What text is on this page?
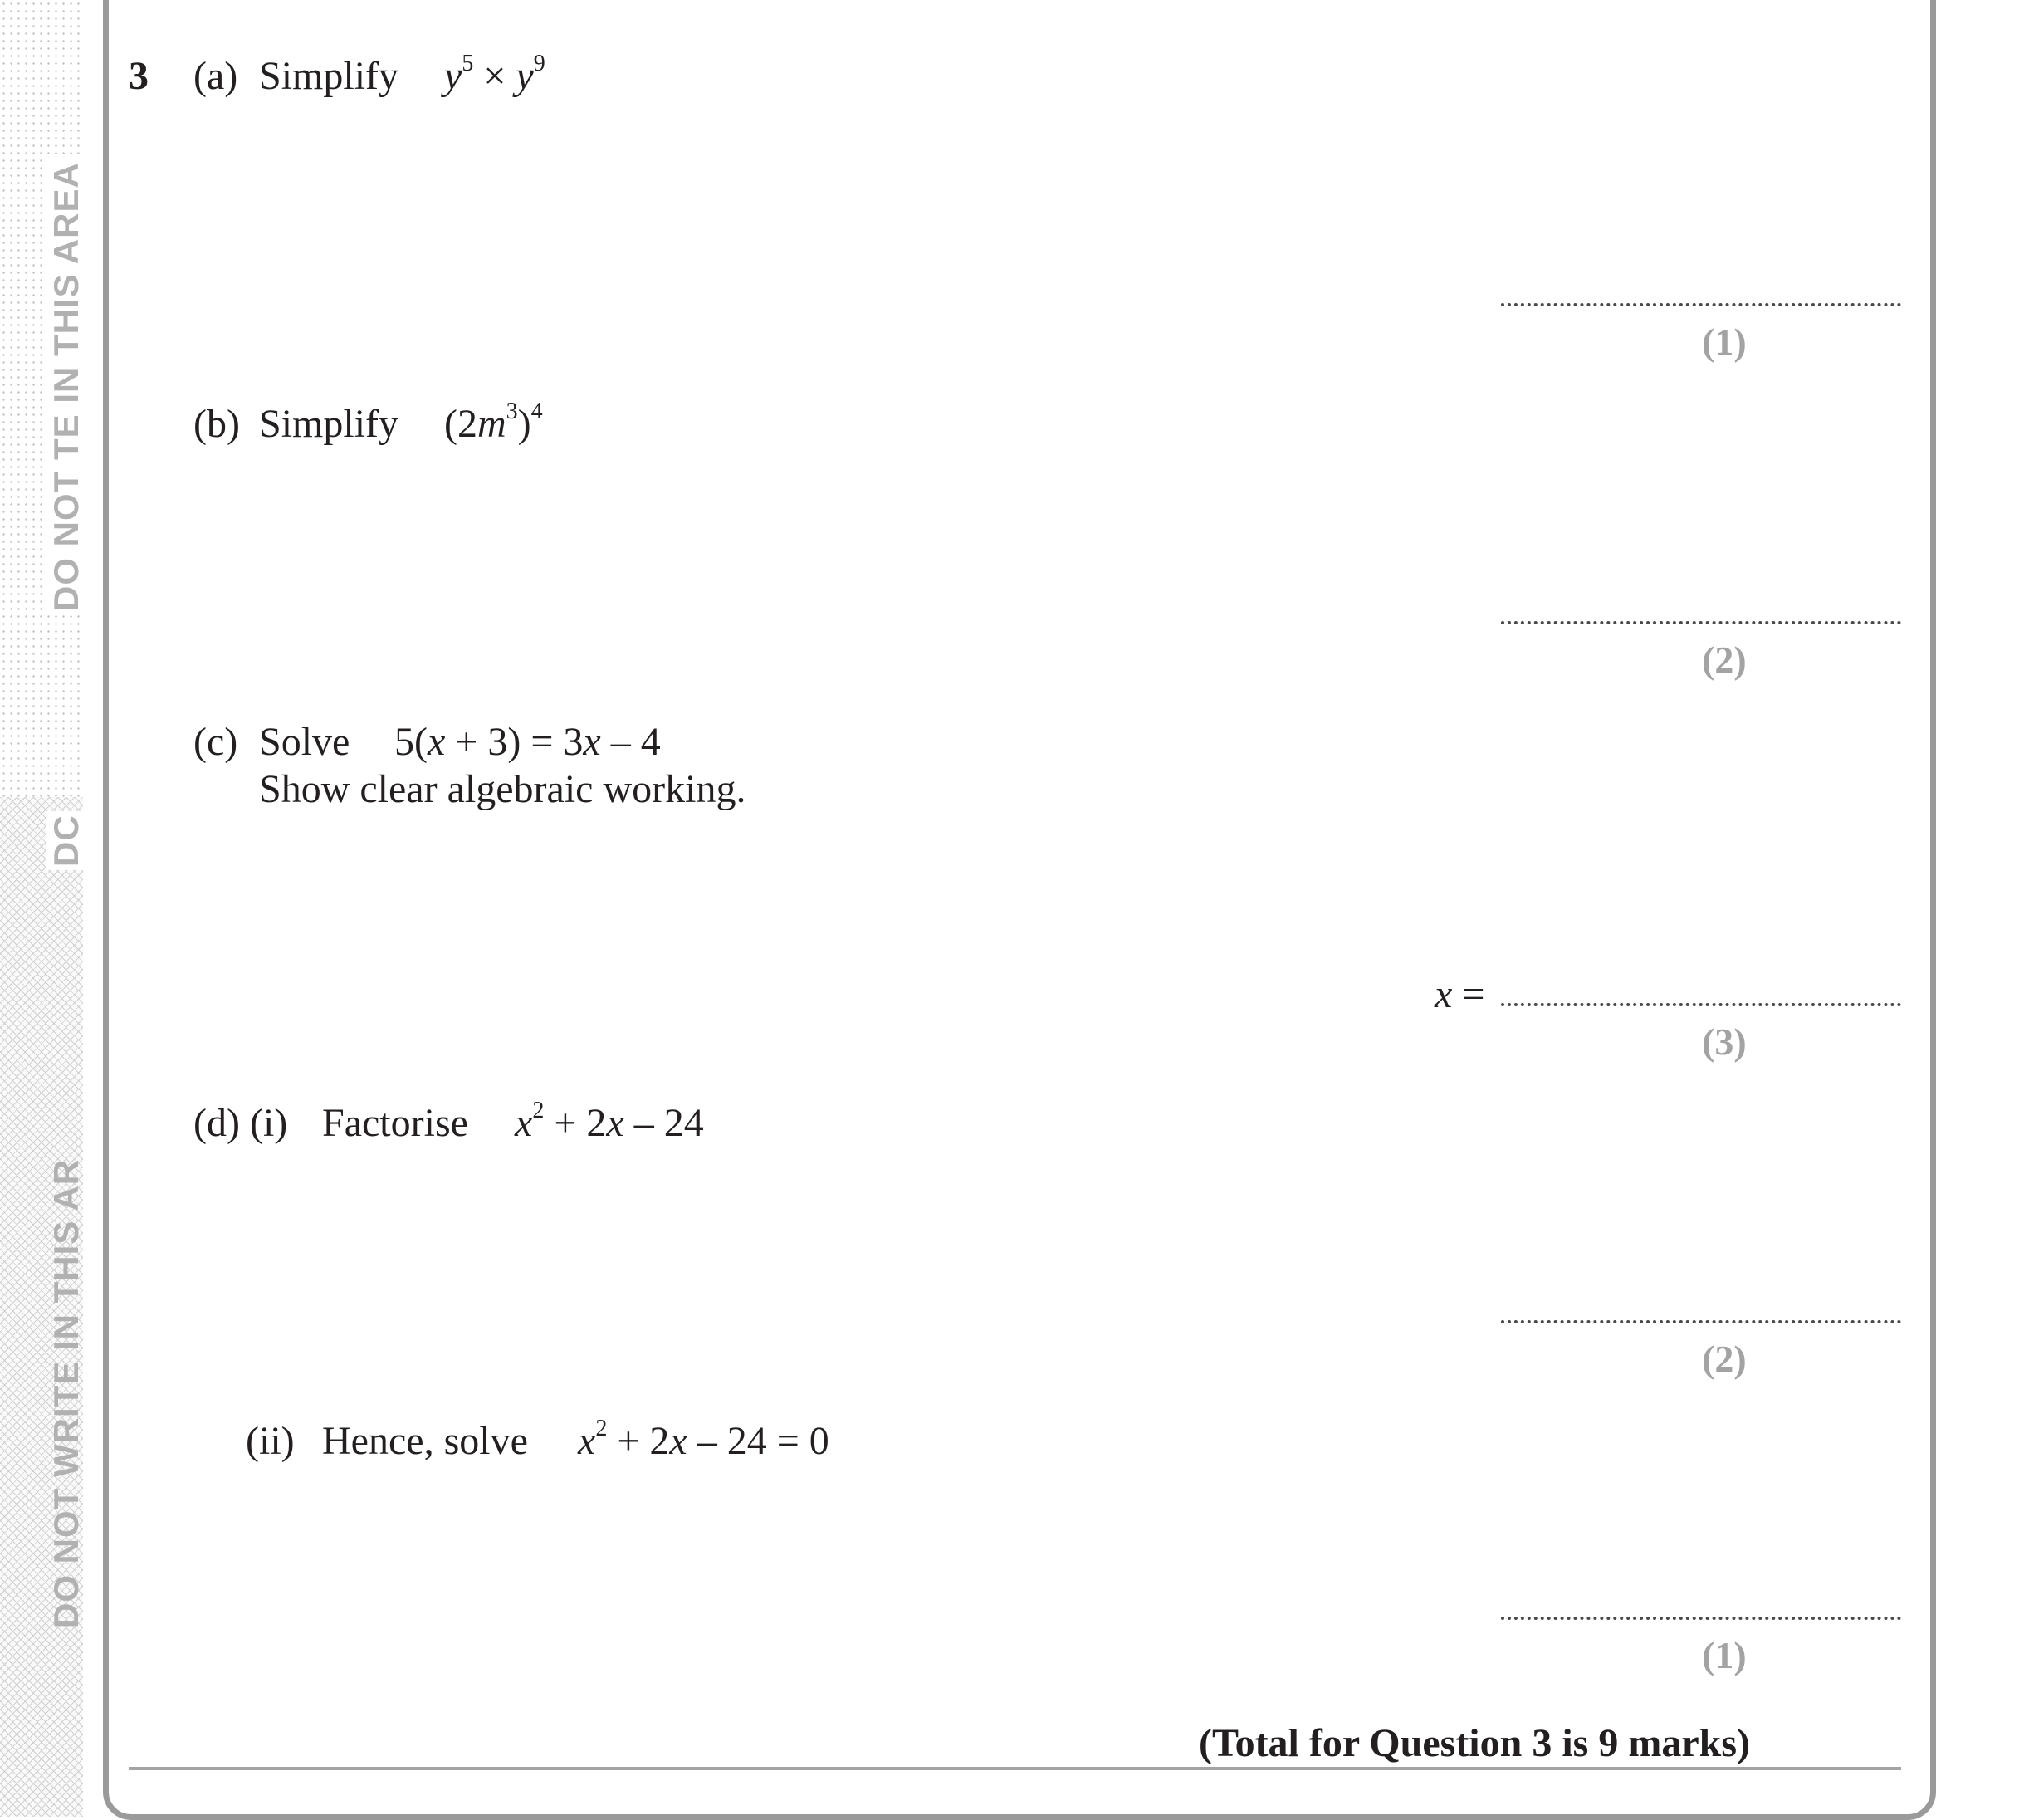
DO NOT TE IN THIS AREA
DC
DO NOT WRITE IN THIS AR
3 (a) Simplify $y^5 \times y^9$
(1)
(b) Simplify $(2m^3)^4$
(2)
(c) Solve 5(x + 3) = 3x – 4
Show clear algebraic working.
x =
(3)
(d) (i) Factorise $x^2 + 2x - 24$
(2)
(ii) Hence, solve $x^2 + 2x - 24 = 0$
(1)
(Total for Question 3 is 9 marks)
